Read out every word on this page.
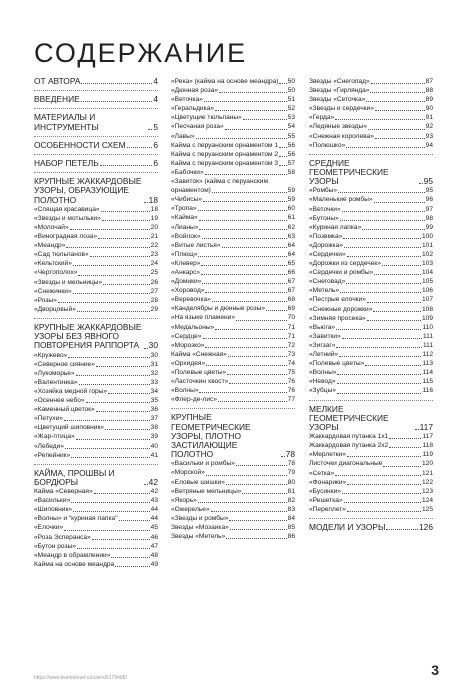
СОДЕРЖАНИЕ
ОТ АВТОРА	4
ВВЕДЕНИЕ	4
МАТЕРИАЛЫ И ИНСТРУМЕНТЫ	5
ОСОБЕННОСТИ СХЕМ	6
НАБОР ПЕТЕЛЬ	6
КРУПНЫЕ ЖАККАРДОВЫЕ УЗОРЫ, ОБРАЗУЮЩИЕ ПОЛОТНО	18
«Спящая красавица»	18
«Звезды и мотыльки»	19
«Молочай»	20
«Виноградная лоза»	21
«Меандр»	22
«Сад тюльпанов»	23
«Кельтский»	24
«Чертополох»	25
«Звезды и мельницы»	26
«Снежинки»	27
«Розы»	28
«Дворцовый»	29
КРУПНЫЕ ЖАККАРДОВЫЕ УЗОРЫ БЕЗ ЯВНОГО ПОВТОРЕНИЯ РАППОРТА	30
«Кружево»	30
«Северное сияние»	31
«Лукоморье»	32
«Валентинка»	33
«Хозяйка медной горы»	34
«Осеннее небо»	35
«Каменный цветок»	36
«Петухи»	37
«Цветущий шиповник»	38
«Жар-птица»	39
«Лебеди»	40
«Репейник»	41
КАЙМА, ПРОШВЫ И БОРДЮРЫ	42
Кайма «Северная»	42
«Васильки»	43
«Шиповник»	44
«Волны» и "куриная лапка"	44
«Елочки»	45
«Роза Эсперанса»	46
«Бутон розы»	47
«Меандр в обрамлении»	48
Кайма на основе меандра	49
«Река» (кайма на основе меандра) 50
«Дюнная роза»	50
«Веточка»	51
«Геральдика»	52
«Цветущие тюльпаны»	53
«Песчаная роза»	54
«Лавы»	55
Кайма с перуанским орнаментом 1 56
Кайма с перуанским орнаментом 2 56
Кайма с перуанским орнаментом 3 57
«Бабочки»	58
«Завиток» (кайма с перуанским
орнаментом)	59
«Чибисы»	59
«Тропа»	60
«Кайма»	61
«Лианы»	62
«Войлок»	63
«Витые листья»	64
«Плющ»	64
«Клевер»	65
«Анкарс»	66
«Домики»	67
«Хоровод»	67
«Веревочка»	68
«Канделябры и дюнные розы»	69
«На языке пламени»	70
«Медальоны»	71
«Сердце»	71
«Морозко»	72
Кайма «Снежная»	73
«Орхидея»	74
«Полевые цветы»	75
«Ласточкин хвост»	76
«Волны»	76
«Флер-де-лис»	77
КРУПНЫЕ ГЕОМЕТРИЧЕСКИЕ УЗОРЫ, ПЛОТНО ЗАСТИЛАЮЩИЕ ПОЛОТНО	78
«Васильки и ромбы»	78
«Морской»	79
«Еловые шишки»	80
«Ветряные мельницы»	81
«Якорь»	82
«Ожерелье»	83
«Звезды и ромбы»	84
Звезды «Мозаика»	85
Звезды «Метель»	86
Звезды «Снегопад»	87
Звезды «Гирлянда»	88
Звезды «Сеточка»	89
«Звезды и сердечки»	90
«Герда»	91
«Ледяные звезды»	92
«Снежная королева»	93
«Полюшко»	94
СРЕДНИЕ ГЕОМЕТРИЧЕСКИЕ УЗОРЫ	95
«Ромбы»	95
«Маленькие ромбы»	96
«Веточки»	97
«Бутоны»	98
«Куриная лапка»	99
«Позвмка»	100
«Дорожка»	101
«Сердечки»	102
«Дорожки из сердечек»	103
«Сердечки и ромбы»	104
«Снеговад»	105
«Метель»	106
«Пестрые елочки»	107
«Снежные дорожки»	108
«Зимняя просека»	109
«Вьюга»	110
«Завитки»	111
«Зигзаг»	111
«Летний»	112
«Полевые цветы»	113
«Волны»	114
«Невод»	115
«Зубцы»	116
МЕЛКИЕ ГЕОМЕТРИЧЕСКИЕ УЗОРЫ	117
Жаккардовая путанка 1x1	117
Жаккардовая путанка 2x2	118
«Мерлетки»	119
Листочки диагональные	120
«Сетка»	121
«Фонарики»	122
«Бусинки»	123
«Решетка»	124
«Переплет»	125
МОДЕЛИ И УЗОРЫ	126
3
https://www.liveinternet.ru/users/5179405/
